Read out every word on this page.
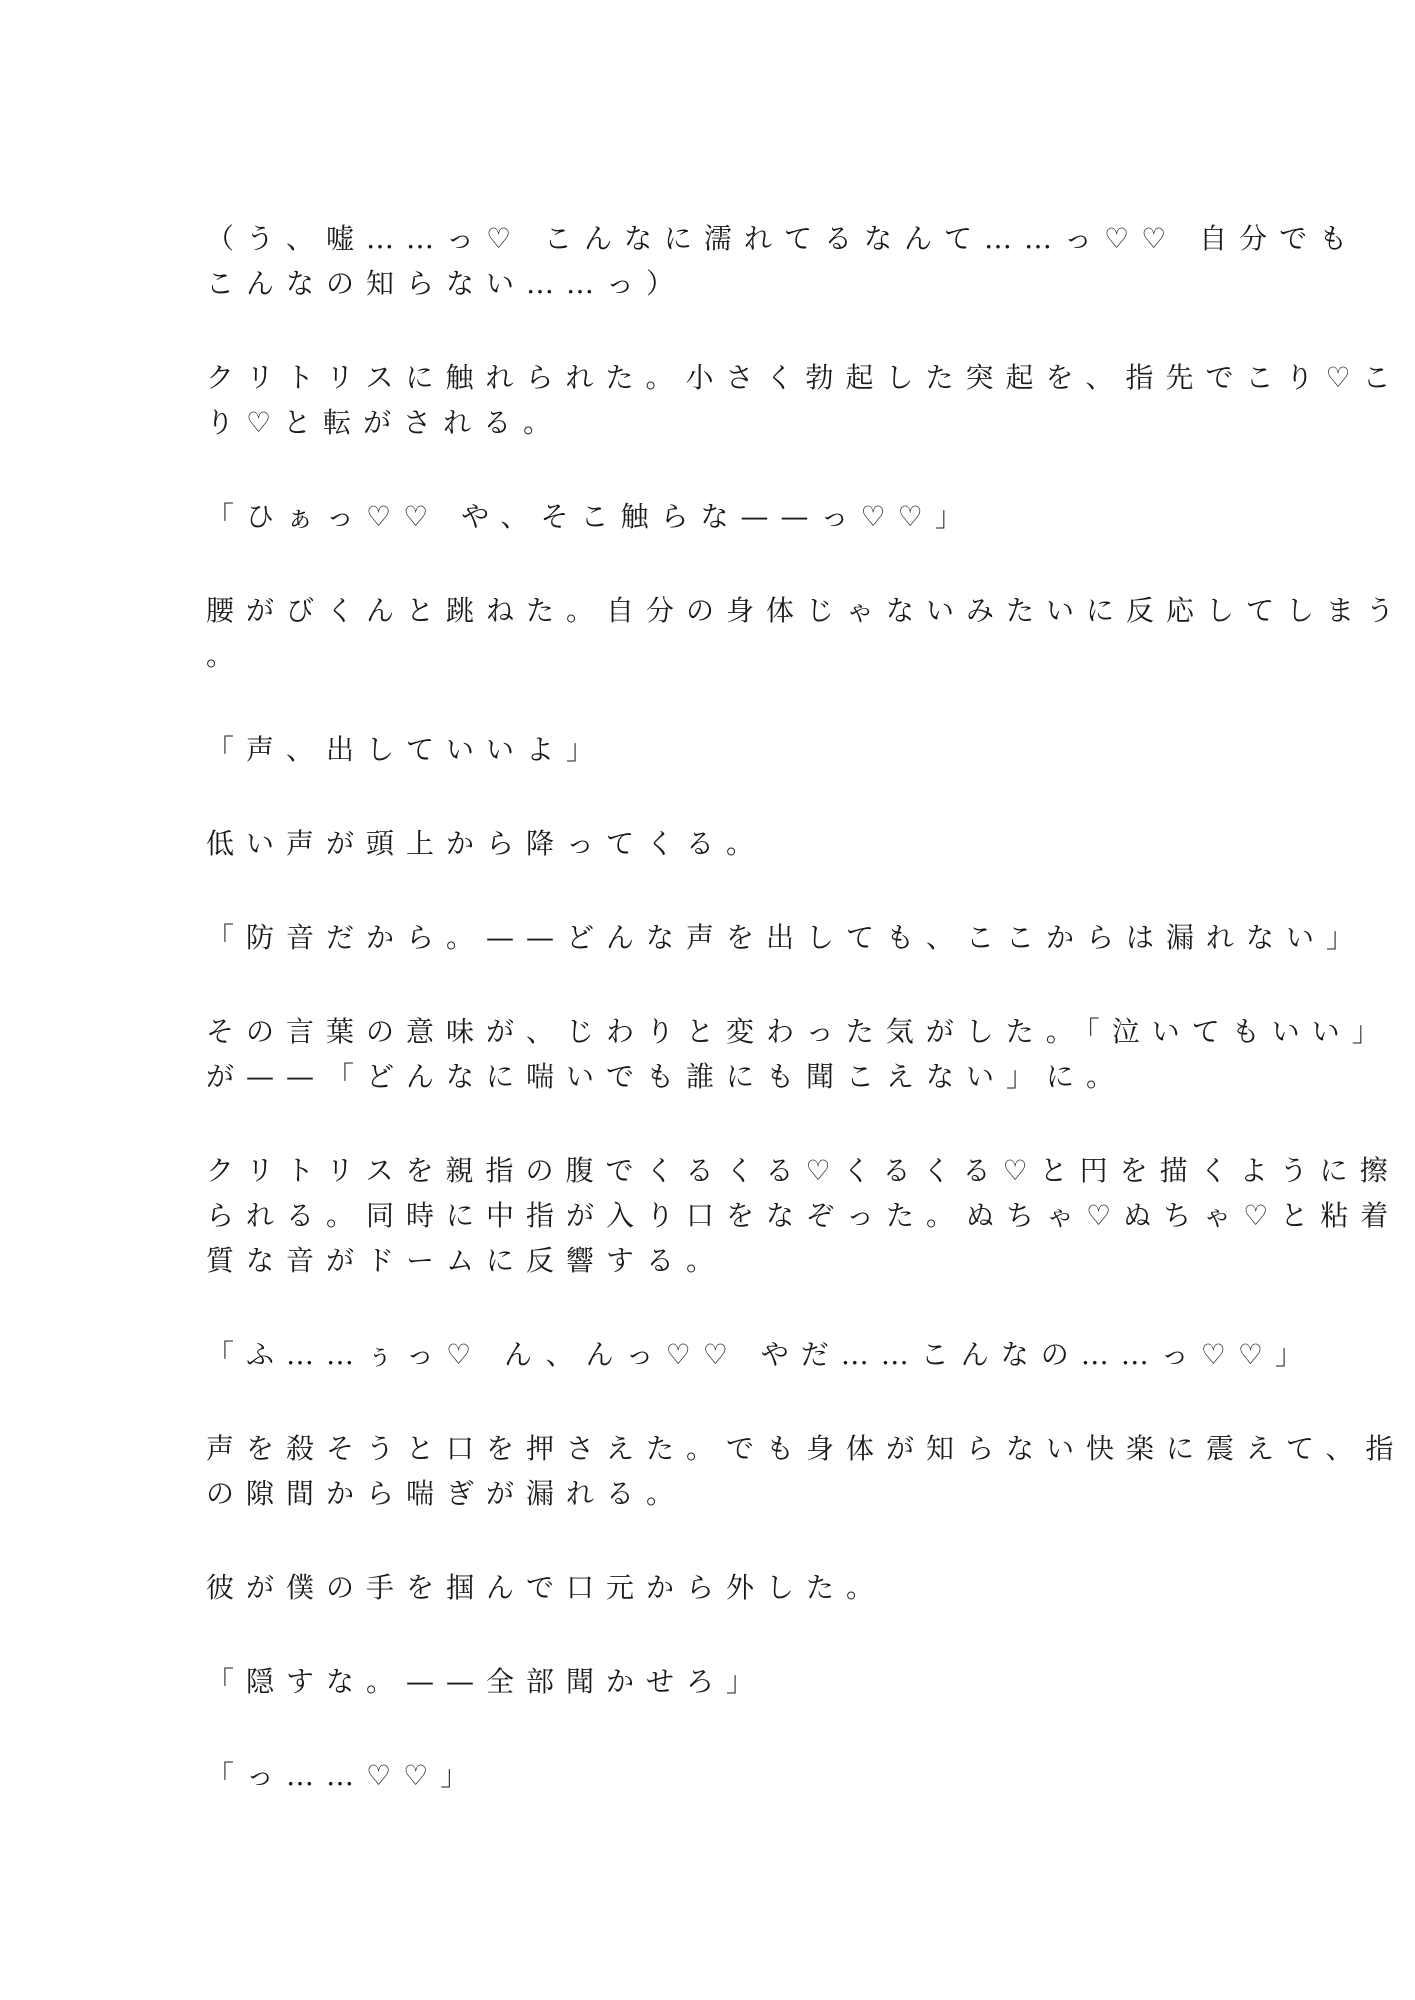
（う、嘘……っ♡ こんなに濡れてるなんて……っ♡♡ 自分でも
こんなの知らない……っ）

クリトリスに触れられた。小さく勃起した突起を、指先でこり♡こ
り♡と転がされる。

「ひぁっ♡♡ や、そこ触らな——っ♡♡」

腰がびくんと跳ねた。自分の身体じゃないみたいに反応してしまう
。

「声、出していいよ」

低い声が頭上から降ってくる。

「防音だから。——どんな声を出しても、ここからは漏れない」

その言葉の意味が、じわりと変わった気がした。「泣いてもいい」
が——「どんなに喘いでも誰にも聞こえない」に。

クリトリスを親指の腹でくるくる♡くるくる♡と円を描くように擦
られる。同時に中指が入り口をなぞった。ぬちゃ♡ぬちゃ♡と粘着
質な音がドームに反響する。

「ふ……ぅっ♡ ん、んっ♡♡ やだ……こんなの……っ♡♡」

声を殺そうと口を押さえた。でも身体が知らない快楽に震えて、指
の隙間から喘ぎが漏れる。

彼が僕の手を掴んで口元から外した。

「隠すな。——全部聞かせろ」

「っ……♡♡」
